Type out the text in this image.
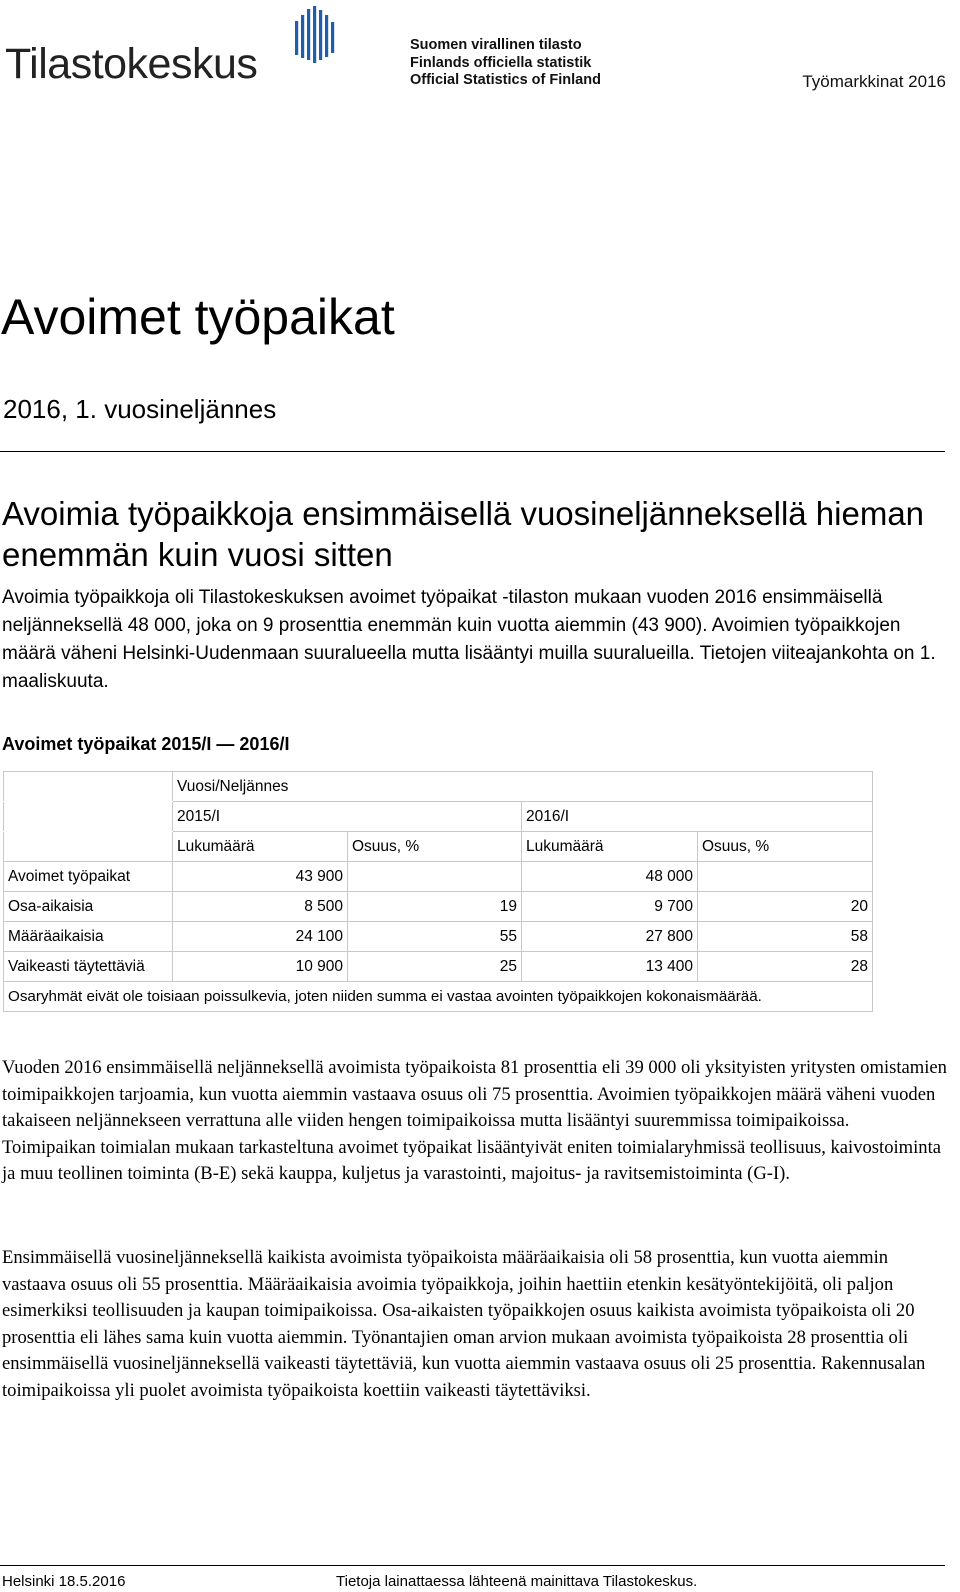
Tilastokeskus	Suomen virallinen tilasto
Finlands officiella statistik
Official Statistics of Finland	Työmarkkinat 2016
Avoimet työpaikat
2016, 1. vuosineljännes
Avoimia työpaikkoja ensimmäisellä vuosineljänneksellä hieman enemmän kuin vuosi sitten
Avoimia työpaikkoja oli Tilastokeskuksen avoimet työpaikat -tilaston mukaan vuoden 2016 ensimmäisellä neljänneksellä 48 000, joka on 9 prosenttia enemmän kuin vuotta aiemmin (43 900). Avoimien työpaikkojen määrä väheni Helsinki-Uudenmaan suuralueella mutta lisääntyi muilla suuralueilla. Tietojen viiteajankohta on 1. maaliskuuta.
Avoimet työpaikat 2015/I — 2016/I
	Vuosi/Neljännes			
	2015/I		2016/I	
	Lukumäärä	Osuus, %	Lukumäärä	Osuus, %
Avoimet työpaikat	43 900		48 000	
Osa-aikaisia	8 500	19	9 700	20
Määräaikaisia	24 100	55	27 800	58
Vaikeasti täytettäviä	10 900	25	13 400	28
Osaryhmät eivät ole toisiaan poissulkevia, joten niiden summa ei vastaa avointen työpaikkojen kokonaismäärää.				
Vuoden 2016 ensimmäisellä neljänneksellä avoimista työpaikoista 81 prosenttia eli 39 000 oli yksityisten yritysten omistamien toimipaikkojen tarjoamia, kun vuotta aiemmin vastaava osuus oli 75 prosenttia. Avoimien työpaikkojen määrä väheni vuoden takaiseen neljännekseen verrattuna alle viiden hengen toimipaikoissa mutta lisääntyi suuremmissa toimipaikoissa. Toimipaikan toimialan mukaan tarkasteltuna avoimet työpaikat lisääntyivät eniten toimialaryhmissä teollisuus, kaivostoiminta ja muu teollinen toiminta (B-E) sekä kauppa, kuljetus ja varastointi, majoitus- ja ravitsemistoiminta (G-I).
Ensimmäisellä vuosineljänneksellä kaikista avoimista työpaikoista määräaikaisia oli 58 prosenttia, kun vuotta aiemmin vastaava osuus oli 55 prosenttia. Määräaikaisia avoimia työpaikkoja, joihin haettiin etenkin kesätyöntekijöitä, oli paljon esimerkiksi teollisuuden ja kaupan toimipaikoissa. Osa-aikaisten työpaikkojen osuus kaikista avoimista työpaikoista oli 20 prosenttia eli lähes sama kuin vuotta aiemmin. Työnantajien oman arvion mukaan avoimista työpaikoista 28 prosenttia oli ensimmäisellä vuosineljänneksellä vaikeasti täytettäviä, kun vuotta aiemmin vastaava osuus oli 25 prosenttia. Rakennusalan toimipaikoissa yli puolet avoimista työpaikoista koettiin vaikeasti täytettäviksi.
Helsinki 18.5.2016	Tietoja lainattaessa lähteenä mainittava Tilastokeskus.
